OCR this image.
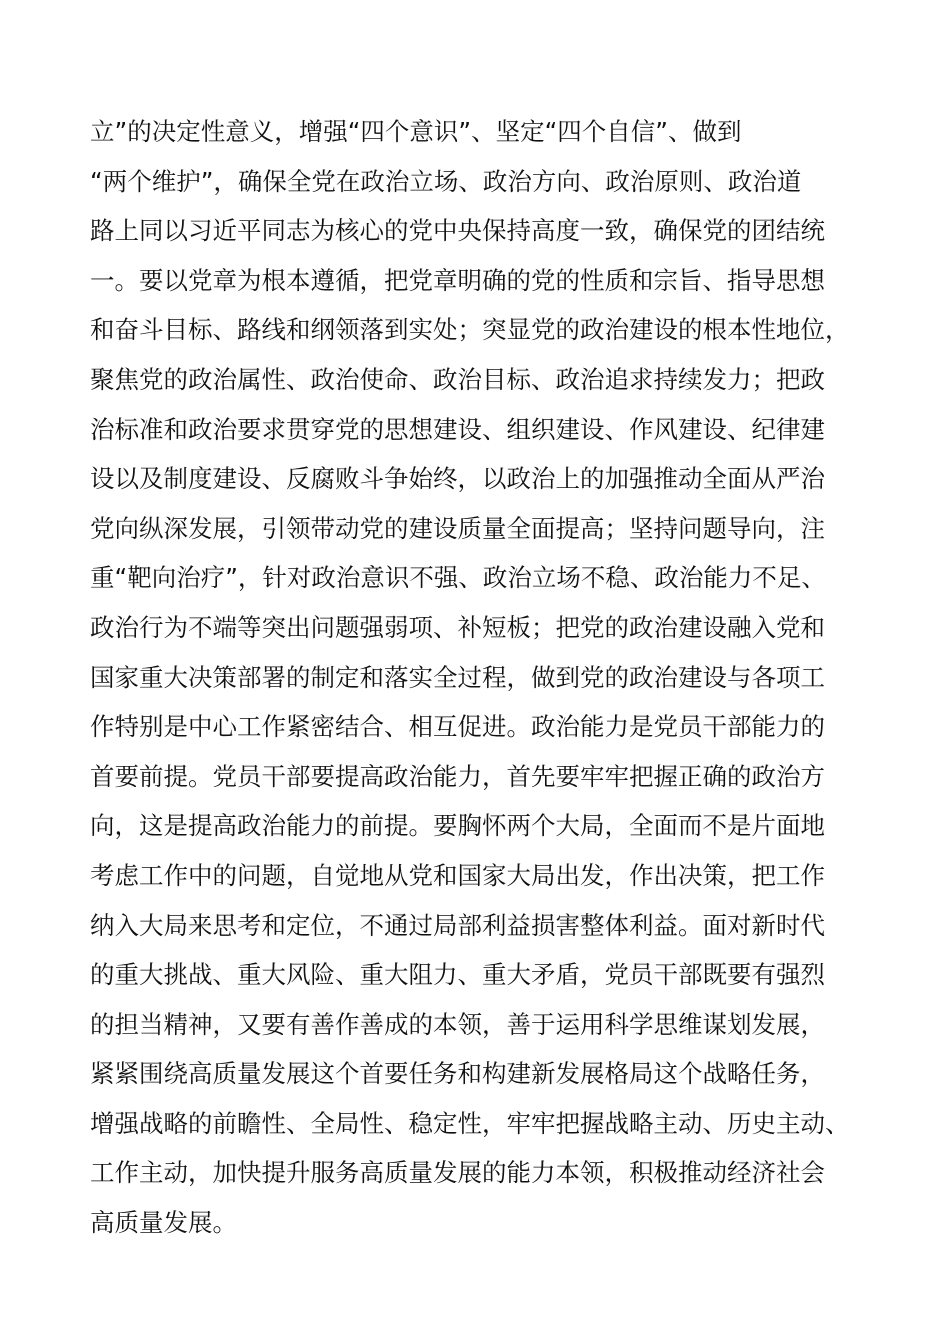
立”的决定性意义，增强“四个意识”、坚定“四个自信”、做到
“两个维护”，确保全党在政治立场、政治方向、政治原则、政治道
路上同以习近平同志为核心的党中央保持高度一致，确保党的团结统
一。要以党章为根本遵循，把党章明确的党的性质和宗旨、指导思想
和奋斗目标、路线和纲领落到实处；突显党的政治建设的根本性地位，
聚焦党的政治属性、政治使命、政治目标、政治追求持续发力；把政
治标准和政治要求贯穿党的思想建设、组织建设、作风建设、纪律建
设以及制度建设、反腐败斗争始终，以政治上的加强推动全面从严治
党向纵深发展，引领带动党的建设质量全面提高；坚持问题导向，注
重“靶向治疗”，针对政治意识不强、政治立场不稳、政治能力不足、
政治行为不端等突出问题强弱项、补短板；把党的政治建设融入党和
国家重大决策部署的制定和落实全过程，做到党的政治建设与各项工
作特别是中心工作紧密结合、相互促进。政治能力是党员干部能力的
首要前提。党员干部要提高政治能力，首先要牢牢把握正确的政治方
向，这是提高政治能力的前提。要胸怀两个大局，全面而不是片面地
考虑工作中的问题，自觉地从党和国家大局出发，作出决策，把工作
纳入大局来思考和定位，不通过局部利益损害整体利益。面对新时代
的重大挑战、重大风险、重大阻力、重大矛盾，党员干部既要有强烈
的担当精神，又要有善作善成的本领，善于运用科学思维谋划发展，
紧紧围绕高质量发展这个首要任务和构建新发展格局这个战略任务，
增强战略的前瞻性、全局性、稳定性，牢牢把握战略主动、历史主动、
工作主动，加快提升服务高质量发展的能力本领，积极推动经济社会
高质量发展。
